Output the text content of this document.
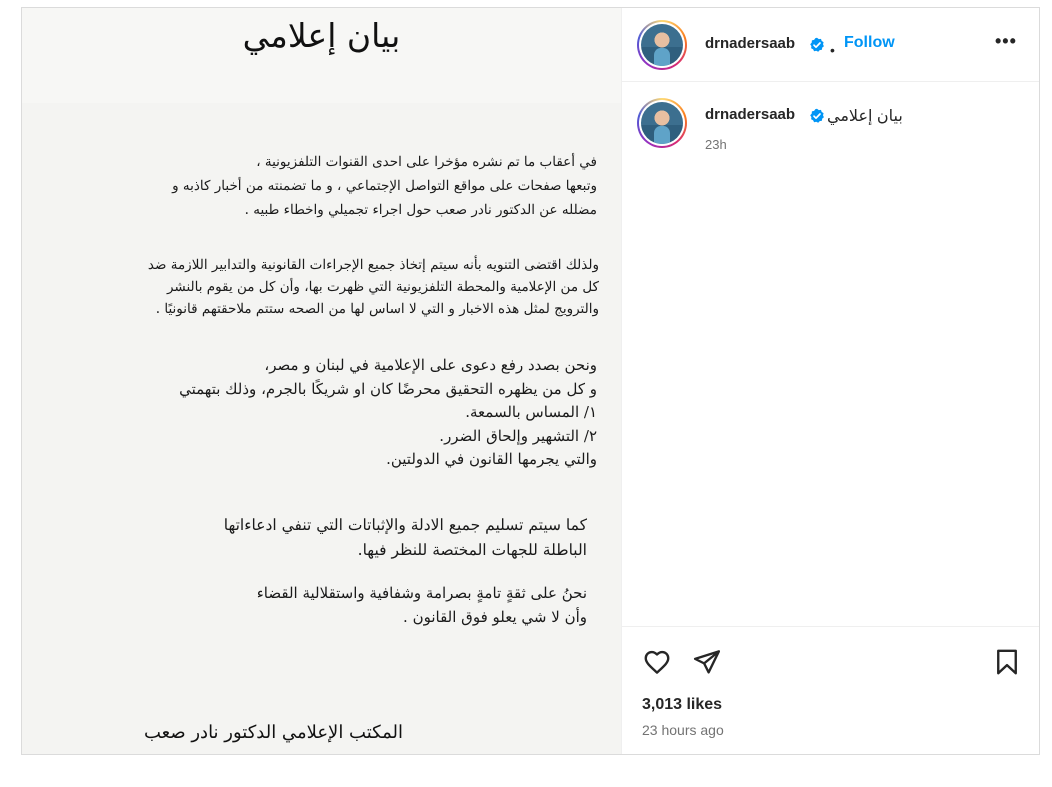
بيان إعلامي
في أعقاب ما تم نشره مؤخرا على احدى القنوات التلفزيونية ،
وتبعها صفحات على مواقع التواصل الإجتماعي ، و ما تضمنته من أخبار كاذبه و
مضلله عن الدكتور نادر صعب حول اجراء تجميلي واخطاء طبيه .
ولذلك اقتضى التنويه بأنه سيتم إتخاذ جميع الإجراءات القانونية والتدابير اللازمة ضد
كل من الإعلامية والمحطة التلفزيونية التي ظهرت بها، وأن كل من يقوم بالنشر
والترويج لمثل هذه الاخبار و التي لا اساس لها من الصحه ستتم ملاحقتهم قانونيًا .
ونحن بصدد رفع دعوى على الإعلامية في لبنان و مصر،
و كل من يظهره التحقيق محرضًا كان او شريكًا بالجرم، وذلك بتهمتي
١/ المساس بالسمعة.
٢/ التشهير وإلحاق الضرر.
والتي يجرمها القانون في الدولتين.
كما سيتم تسليم جميع الادلة والإثباتات التي تنفي ادعاءاتها
الباطلة للجهات المختصة للنظر فيها.
نحنُ على ثقةٍ تامةٍ بصرامة وشفافية واستقلالية القضاء
وأن لا شي يعلو فوق القانون .
المكتب الإعلامي الدكتور نادر صعب
drnadersaab • Follow	•••
drnadersaab بيان إعلامي
23h
3,013 likes
23 hours ago
